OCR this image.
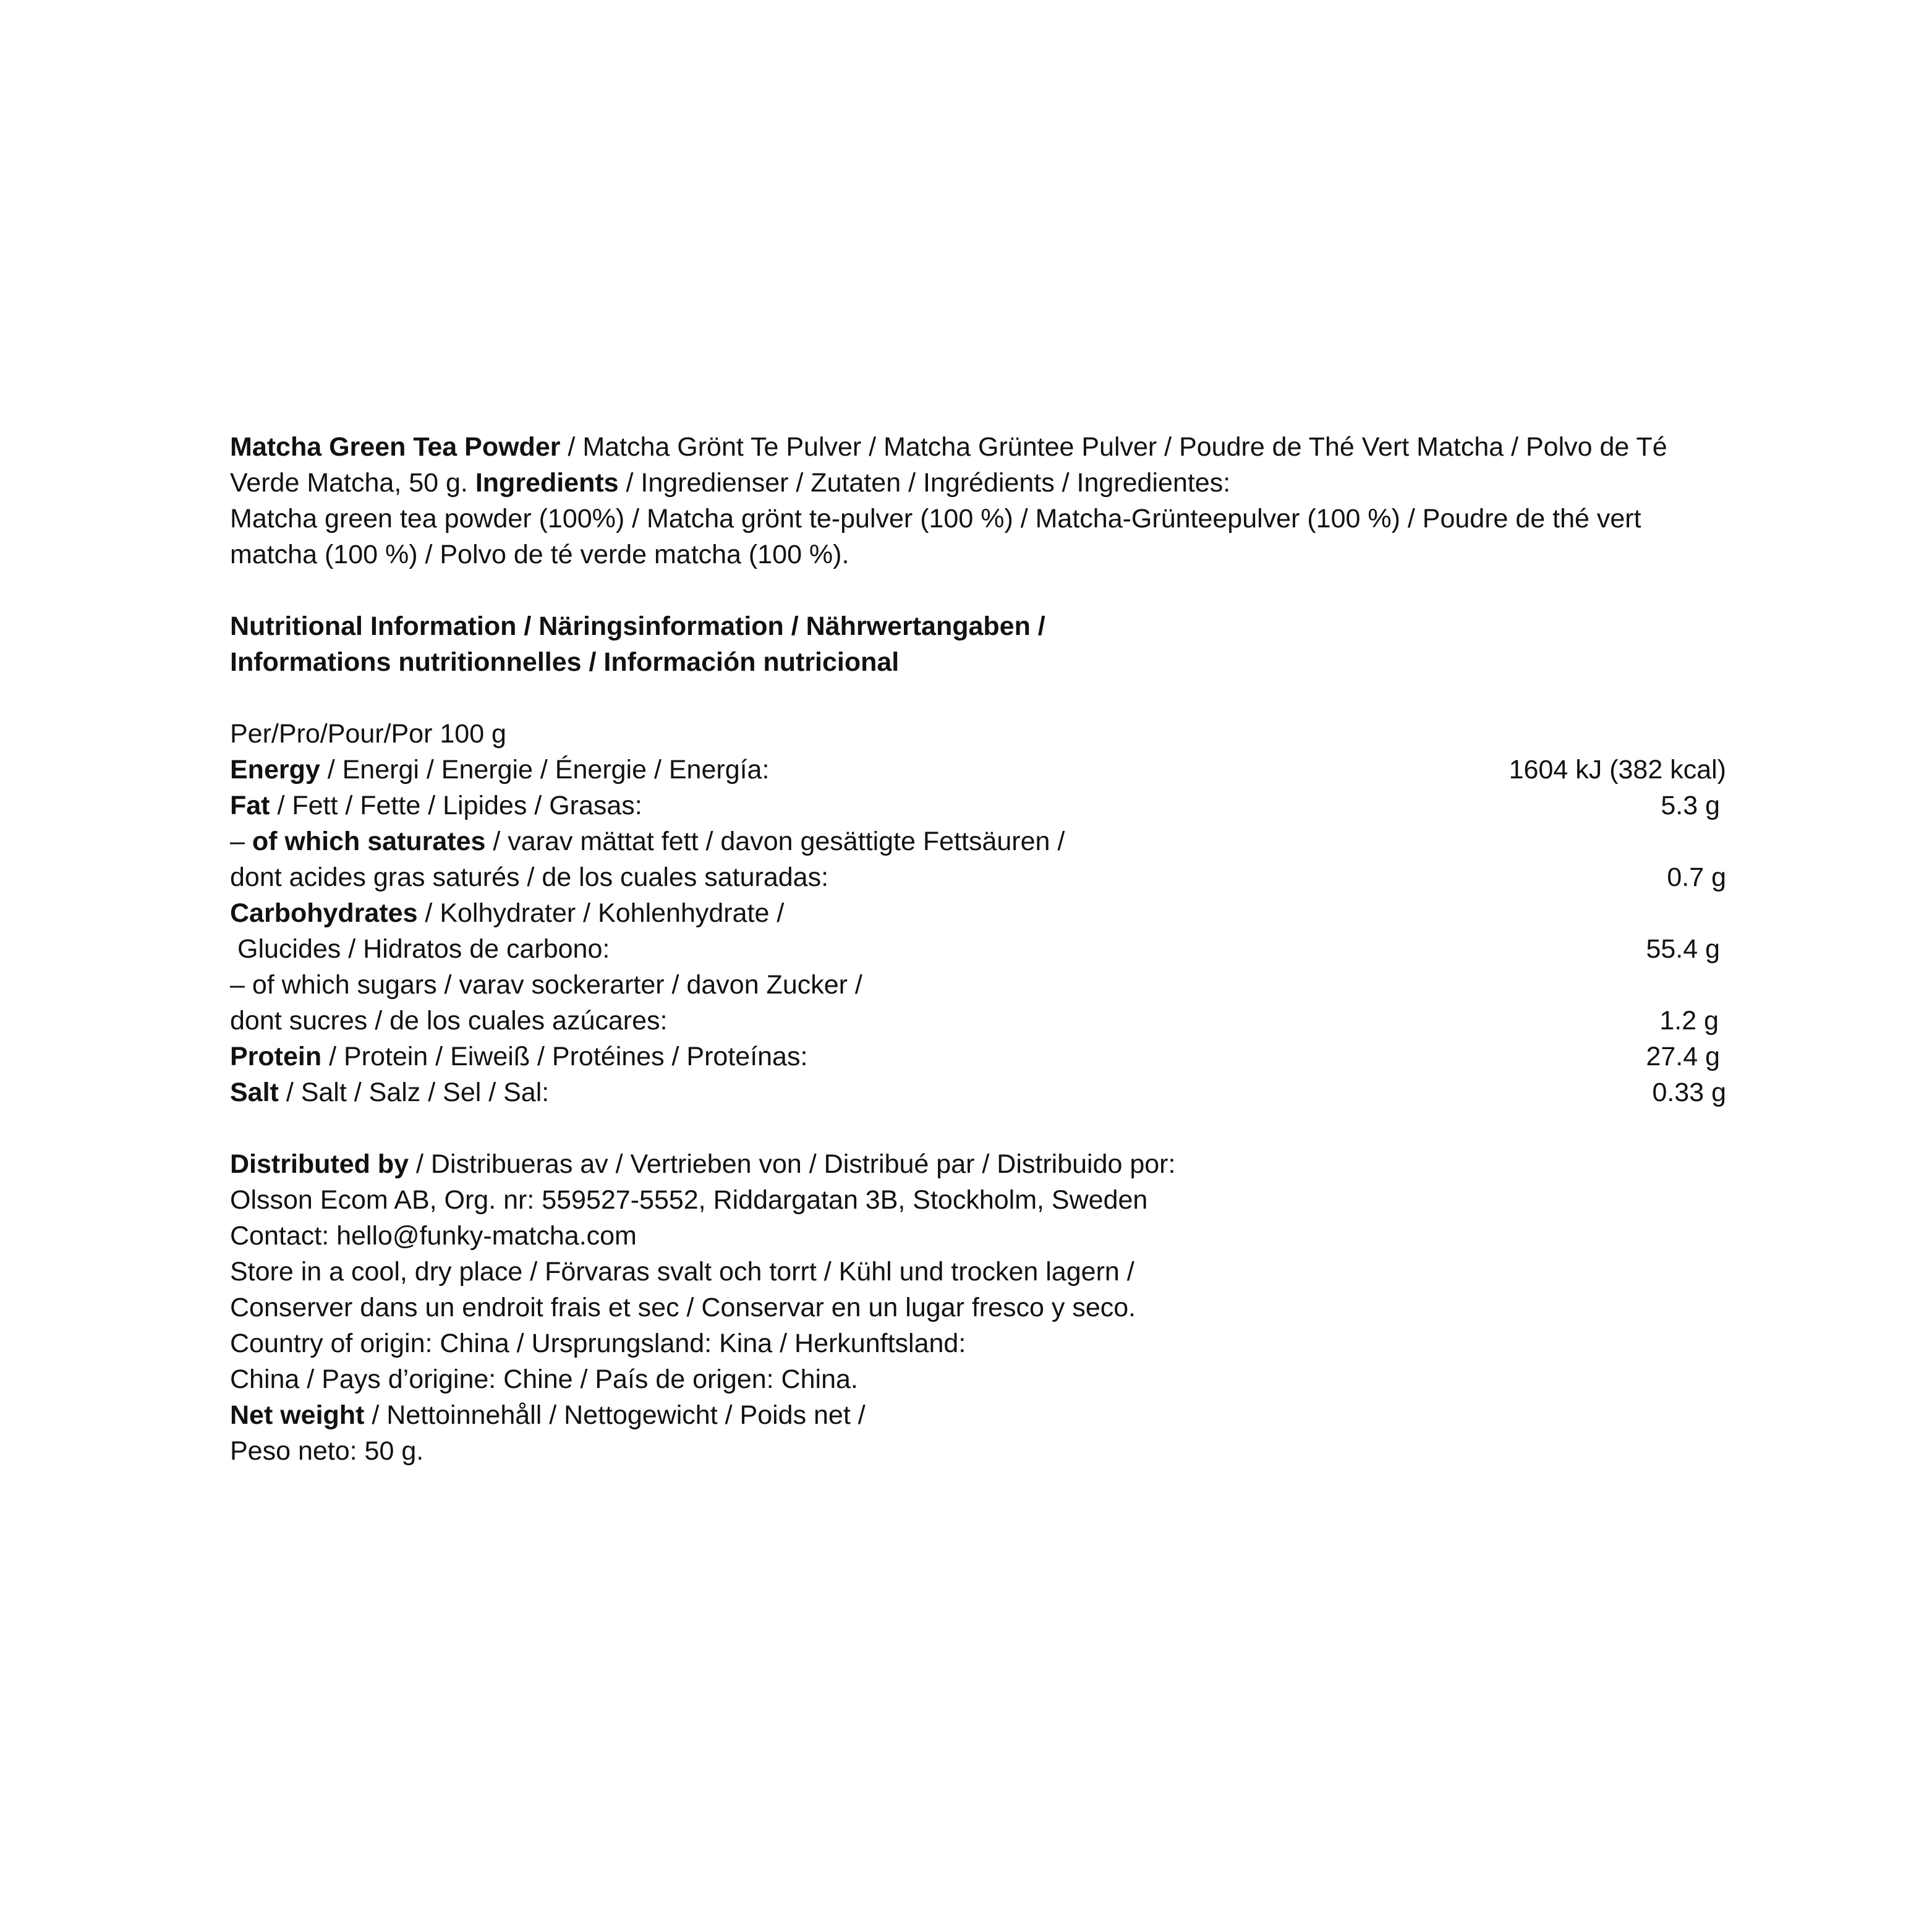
Matcha Green Tea Powder / Matcha Grönt Te Pulver / Matcha Grüntee Pulver / Poudre de Thé Vert Matcha / Polvo de Té Verde Matcha, 50 g. Ingredients / Ingredienser / Zutaten / Ingrédients / Ingredientes:

Matcha green tea powder (100%) / Matcha grönt te-pulver (100 %) / Matcha-Grünteepulver (100 %) / Poudre de thé vert matcha (100 %) / Polvo de té verde matcha (100 %).

Nutritional Information / Näringsinformation / Nährwertangaben /

Informations nutritionnelles / Información nutricional

Per/Pro/Pour/Por 100 g

Energy / Energi / Energie / Énergie / Energía:	1604 kJ (382 kcal)
Fat / Fett / Fette / Lipides / Grasas:	5.3 g
– of which saturates / varav mättat fett / davon gesättigte Fettsäuren /
dont acides gras saturés / de los cuales saturadas:	0.7 g
Carbohydrates / Kolhydrater / Kohlenhydrate /
Glucides / Hidratos de carbono:	55.4 g
– of which sugars / varav sockerarter / davon Zucker /
dont sucres / de los cuales azúcares:	1.2 g
Protein / Protein / Eiweiß / Protéines / Proteínas:	27.4 g
Salt / Salt / Salz / Sel / Sal:	0.33 g

Distributed by / Distribueras av / Vertrieben von / Distribué par / Distribuido por:

Olsson Ecom AB, Org. nr: 559527-5552, Riddargatan 3B, Stockholm, Sweden

Contact: hello@funky-matcha.com

Store in a cool, dry place / Förvaras svalt och torrt / Kühl und trocken lagern /

Conserver dans un endroit frais et sec / Conservar en un lugar fresco y seco.

Country of origin: China / Ursprungsland: Kina / Herkunftsland:

China / Pays d’origine: Chine / País de origen: China.

Net weight / Nettoinnehåll / Nettogewicht / Poids net /

Peso neto: 50 g.
